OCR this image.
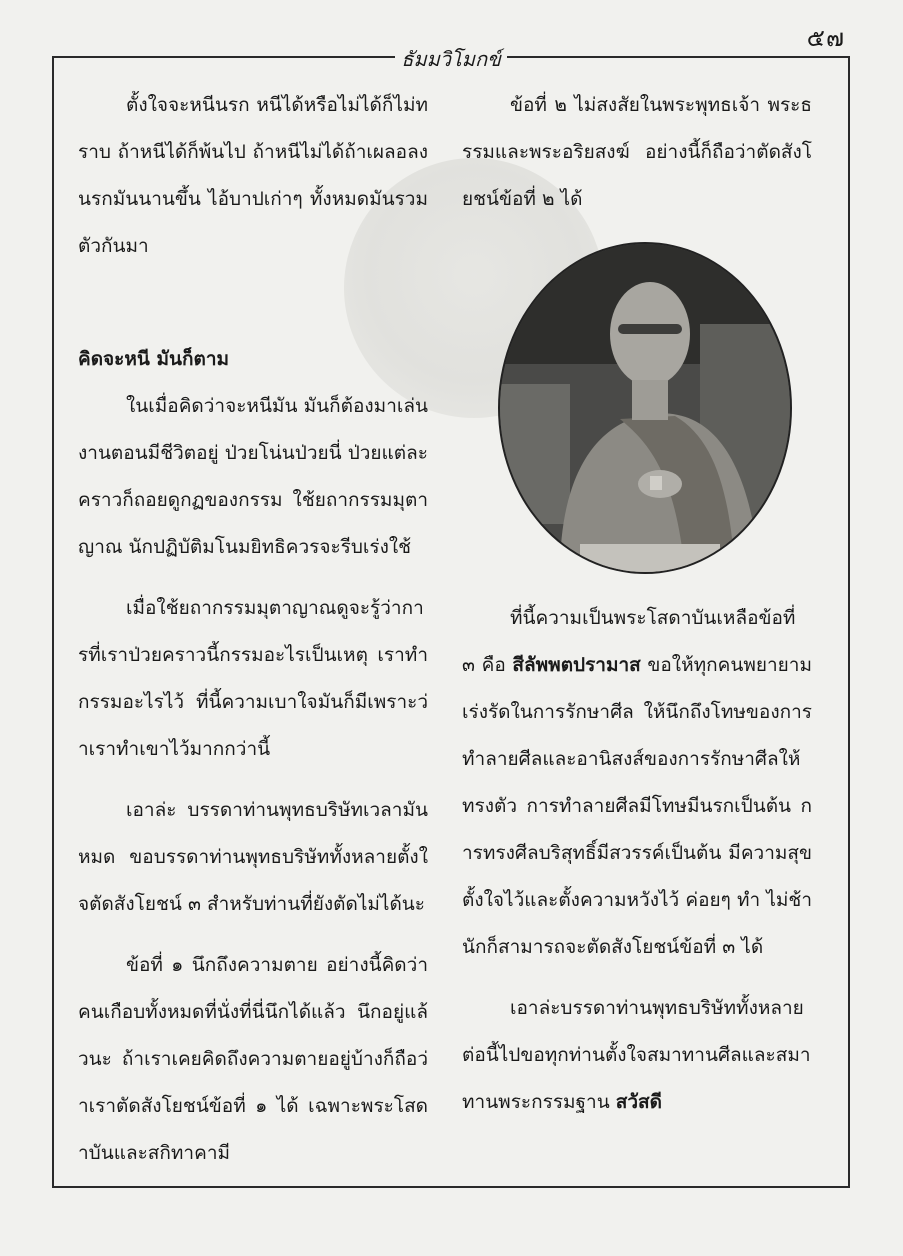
๕๗
ธัมมวิโมกข์

ตั้งใจจะหนีนรก หนีได้หรือไม่ได้ก็ไม่ทราบ ถ้าหนีได้ก็พ้นไป ถ้าหนีไม่ได้ถ้าเผลอลงนรกมันนานขึ้น ไอ้บาปเก่าๆ ทั้งหมดมันรวมตัวกันมา

คิดจะหนี มันก็ตาม

ในเมื่อคิดว่าจะหนีมัน มันก็ต้องมาเล่นงานตอนมีชีวิตอยู่ ป่วยโน่นป่วยนี่ ป่วยแต่ละคราวก็ถอยดูกฏของกรรม ใช้ยถากรรมมุตาญาณ นักปฏิบัติมโนมยิทธิควรจะรีบเร่งใช้

เมื่อใช้ยถากรรมมุตาญาณดูจะรู้ว่าการที่เราป่วยคราวนี้กรรมอะไรเป็นเหตุ เราทำกรรมอะไรไว้ ที่นี้ความเบาใจมันก็มีเพราะว่าเราทำเขาไว้มากกว่านี้

เอาล่ะ บรรดาท่านพุทธบริษัทเวลามันหมด ขอบรรดาท่านพุทธบริษัททั้งหลายตั้งใจตัดสังโยชน์ ๓ สำหรับท่านที่ยังตัดไม่ได้นะ

ข้อที่ ๑ นึกถึงความตาย อย่างนี้คิดว่าคนเกือบทั้งหมดที่นั่งที่นี่นึกได้แล้ว นึกอยู่แล้วนะ ถ้าเราเคยคิดถึงความตายอยู่บ้างก็ถือว่าเราตัดสังโยชน์ข้อที่ ๑ ได้ เฉพาะพระโสดาบันและสกิทาคามี

ข้อที่ ๒ ไม่สงสัยในพระพุทธเจ้า พระธรรมและพระอริยสงฆ์ อย่างนี้ก็ถือว่าตัดสังโยชน์ข้อที่ ๒ ได้

ที่นี้ความเป็นพระโสดาบันเหลือข้อที่ ๓ คือ สีลัพพตปรามาส ขอให้ทุกคนพยายามเร่งรัดในการรักษาศีล ให้นึกถึงโทษของการทำลายศีลและอานิสงส์ของการรักษาศีลให้ทรงตัว การทำลายศีลมีโทษมีนรกเป็นต้น การทรงศีลบริสุทธิ์มีสวรรค์เป็นต้น มีความสุข ตั้งใจไว้และตั้งความหวังไว้ ค่อยๆ ทำ ไม่ช้านักก็สามารถจะตัดสังโยชน์ข้อที่ ๓ ได้

เอาล่ะบรรดาท่านพุทธบริษัททั้งหลายต่อนี้ไปขอทุกท่านตั้งใจสมาทานศีลและสมาทานพระกรรมฐาน สวัสดี
